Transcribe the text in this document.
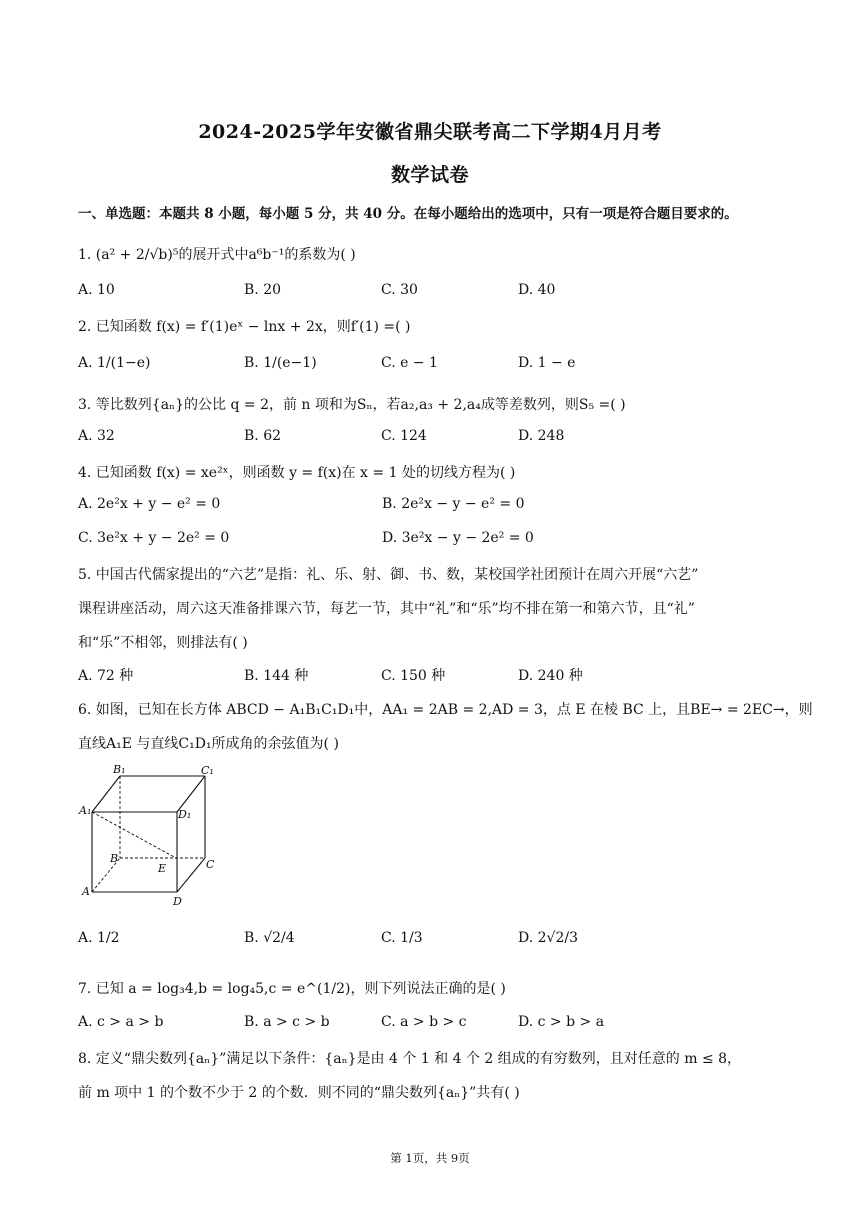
2024-2025学年安徽省鼎尖联考高二下学期4月月考
数学试卷
一、单选题：本题共 8 小题，每小题 5 分，共 40 分。在每小题给出的选项中，只有一项是符合题目要求的。
1. (a² + 2/√b)⁵的展开式中a⁶b⁻¹的系数为( )
A. 10	B. 20	C. 30	D. 40
2. 已知函数 f(x) = f′(1)eˣ − lnx + 2x，则f′(1) =( )
A. 1/(1−e)	B. 1/(e−1)	C. e − 1	D. 1 − e
3. 等比数列{aₙ}的公比 q = 2，前 n 项和为Sₙ，若a₂,a₃ + 2,a₄成等差数列，则S₅ =( )
A. 32	B. 62	C. 124	D. 248
4. 已知函数 f(x) = xe²ˣ，则函数 y = f(x)在 x = 1 处的切线方程为( )
A. 2e²x + y − e² = 0	B. 2e²x − y − e² = 0
C. 3e²x + y − 2e² = 0	D. 3e²x − y − 2e² = 0
5. 中国古代儒家提出的“六艺”是指：礼、乐、射、御、书、数，某校国学社团预计在周六开展“六艺”
课程讲座活动，周六这天准备排课六节，每艺一节，其中“礼”和“乐”均不排在第一和第六节，且“礼”
和“乐”不相邻，则排法有( )
A. 72 种	B. 144 种	C. 150 种	D. 240 种
6. 如图，已知在长方体 ABCD − A₁B₁C₁D₁中，AA₁ = 2AB = 2,AD = 3，点 E 在棱 BC 上，且BE→ = 2EC→，则
直线A₁E 与直线C₁D₁所成角的余弦值为( )
B₁	C₁
A₁	D₁
B
E	C
A
D
A. 1/2	B. √2/4	C. 1/3	D. 2√2/3
7. 已知 a = log₃4,b = log₄5,c = e^(1/2)，则下列说法正确的是( )
A. c > a > b	B. a > c > b	C. a > b > c	D. c > b > a
8. 定义“鼎尖数列{aₙ}”满足以下条件：{aₙ}是由 4 个 1 和 4 个 2 组成的有穷数列，且对任意的 m ≤ 8，
前 m 项中 1 的个数不少于 2 的个数．则不同的“鼎尖数列{aₙ}”共有( )
第 1页，共 9页
